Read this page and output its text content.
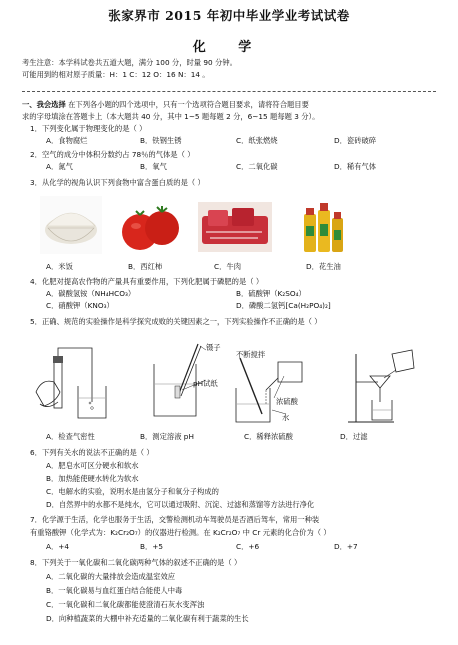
张家界市 2015 年初中毕业学业考试试卷
化 学
考生注意：本学科试卷共五道大题，满分 100 分，时量 90 分钟。
可能用到的相对原子质量：H：1 C：12 O：16 N：14 。
一、我会选择 在下列各小题的四个选项中，只有一个选项符合题目要求，请将符合题目要
求的字母填涂在答题卡上（本大题共 40 分，其中 1~5 题每题 2 分，6~15 题每题 3 分）。
1．下列变化属于物理变化的是（ ）
A．食物腐烂	B．铁钢生锈	C．纸张燃烧	D．瓷砖破碎
2．空气的成分中体积分数约占 78％的气体是（ ）
A．氮气	B．氧气	C．二氧化碳	D．稀有气体
3．从化学的视角认识下列食物中富含蛋白质的是（ ）
A．米饭	B．西红柿	C．牛肉	D．花生油
4．化肥对提高农作物的产量具有重要作用，下列化肥属于磷肥的是（ ）
A．碳酸氢铵（NH₄HCO₃）	B．硫酸钾（K₂SO₄）
C．硝酸钾（KNO₃）	D．磷酸二氢钙[Ca(H₂PO₄)₂]
5．正确、规范的实验操作是科学探究成败的关键因素之一，下列实验操作不正确的是（ ）
镊子
pH试纸
不断搅拌
浓硫酸
水
A．检查气密性	B．测定溶液 pH	C．稀释浓硫酸	D．过滤
6．下列有关水的说法不正确的是（ ）
A．肥皂水可区分硬水和软水
B．加热能使硬水转化为软水
C．电解水的实验，说明水是由氢分子和氧分子构成的
D．自然界中的水都不是纯水，它可以通过吸附、沉淀、过滤和蒸馏等方法进行净化
7．化学源于生活，化学也服务于生活，交警检测机动车驾驶员是否酒后驾车，常用一种装
有重铬酸钾（化学式为：K₂Cr₂O₇）的仪器进行检测。在 K₂Cr₂O₇ 中 Cr 元素的化合价为（ ）
A．+4	B．+5	C．+6	D．+7
8．下列关于一氧化碳和二氧化碳两种气体的叙述不正确的是（ ）
A．二氧化碳的大量排放会造成温室效应
B．一氧化碳易与血红蛋白结合能使人中毒
C．一氧化碳和二氧化碳都能使澄清石灰水变浑浊
D．向种植蔬菜的大棚中补充适量的二氧化碳有利于蔬菜的生长
